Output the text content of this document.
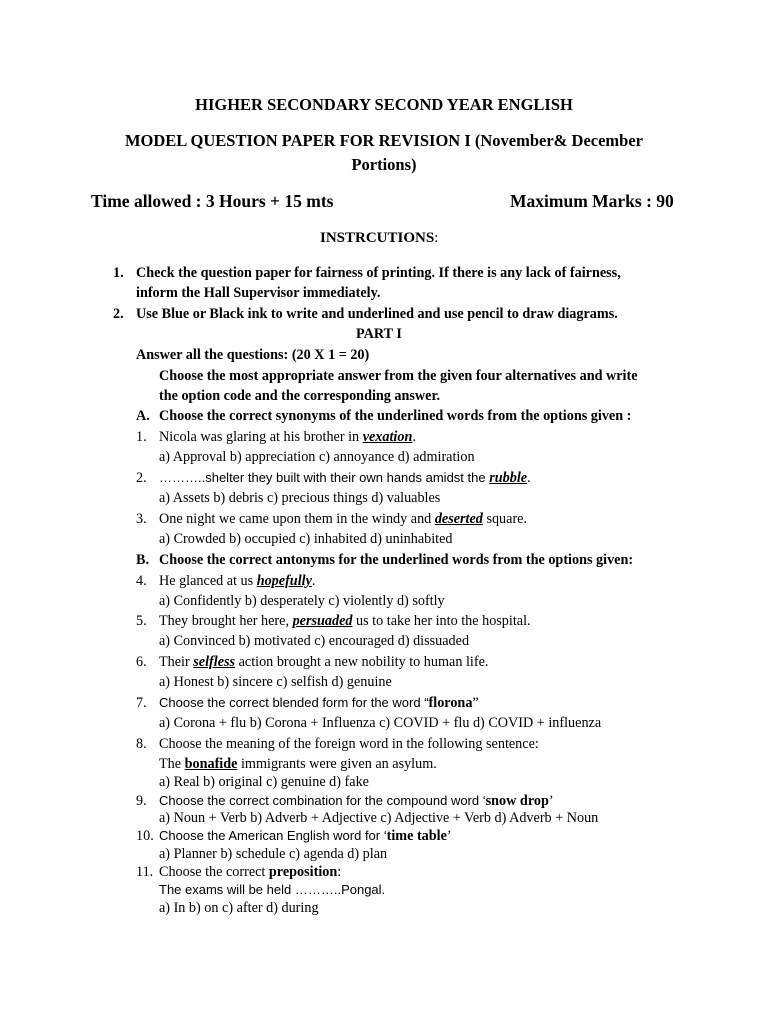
HIGHER SECONDARY SECOND YEAR ENGLISH
MODEL QUESTION PAPER FOR REVISION I (November& December
Portions)
Time allowed : 3 Hours + 15 mts	Maximum Marks : 90
INSTRCUTIONS:
1. Check the question paper for fairness of printing. If there is any lack of fairness,
inform the Hall Supervisor immediately.
2. Use Blue or Black ink to write and underlined and use pencil to draw diagrams.
PART I
Answer all the questions: (20 X 1 = 20)
Choose the most appropriate answer from the given four alternatives and write
the option code and the corresponding answer.
A. Choose the correct synonyms of the underlined words from the options given :
1. Nicola was glaring at his brother in vexation.
a) Approval b) appreciation c) annoyance d) admiration
2. ………..shelter they built with their own hands amidst the rubble.
a) Assets b) debris c) precious things d) valuables
3. One night we came upon them in the windy and deserted square.
a) Crowded b) occupied c) inhabited d) uninhabited
B. Choose the correct antonyms for the underlined words from the options given:
4. He glanced at us hopefully.
a) Confidently b) desperately c) violently d) softly
5. They brought her here, persuaded us to take her into the hospital.
a) Convinced b) motivated c) encouraged d) dissuaded
6. Their selfless action brought a new nobility to human life.
a) Honest b) sincere c) selfish d) genuine
7. Choose the correct blended form for the word “florona”
a) Corona + flu b) Corona + Influenza c) COVID + flu d) COVID + influenza
8. Choose the meaning of the foreign word in the following sentence:
The bonafide immigrants were given an asylum.
a) Real b) original c) genuine d) fake
9. Choose the correct combination for the compound word ‘snow drop’
a) Noun + Verb b) Adverb + Adjective c) Adjective + Verb d) Adverb + Noun
10. Choose the American English word for ‘time table’
a) Planner b) schedule c) agenda d) plan
11. Choose the correct preposition:
The exams will be held ………..Pongal.
a) In b) on c) after d) during
